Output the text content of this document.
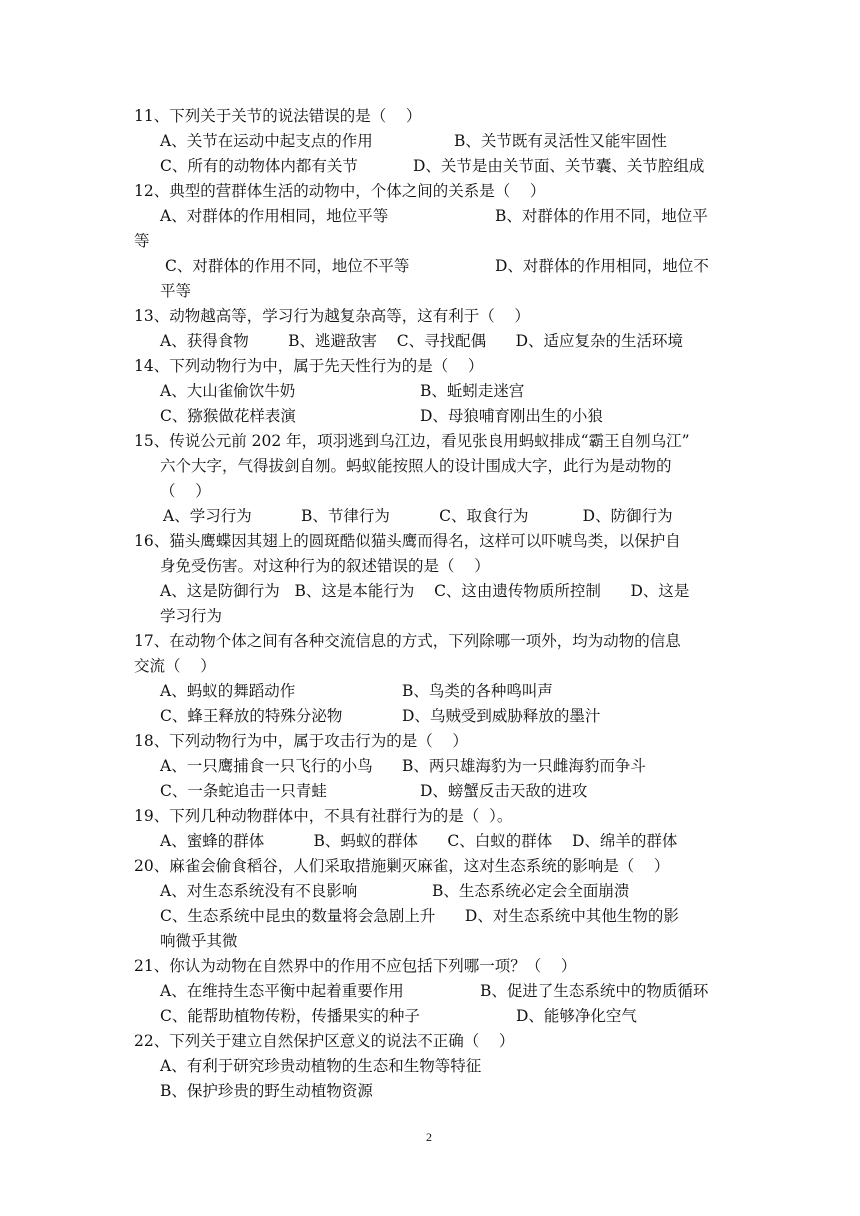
11、下列关于关节的说法错误的是（    ）
A、关节在运动中起支点的作用	B、关节既有灵活性又能牢固性
C、所有的动物体内都有关节	D、关节是由关节面、关节囊、关节腔组成
12、典型的营群体生活的动物中，个体之间的关系是（    ）
A、对群体的作用相同，地位平等	B、对群体的作用不同，地位平
等
C、对群体的作用不同，地位不平等	D、对群体的作用相同，地位不
平等
13、动物越高等，学习行为越复杂高等，这有利于（    ）
A、获得食物        B、逃避敌害    C、寻找配偶      D、适应复杂的生活环境
14、下列动物行为中，属于先天性行为的是（    ）
A、大山雀偷饮牛奶	B、蚯蚓走迷宫
C、猕猴做花样表演	D、母狼哺育刚出生的小狼
15、传说公元前 202 年，项羽逃到乌江边，看见张良用蚂蚁排成“霸王自刎乌江”
六个大字，气得拔剑自刎。蚂蚁能按照人的设计围成大字，此行为是动物的
（    ）
A、学习行为          B、节律行为          C、取食行为           D、防御行为
16、猫头鹰蝶因其翅上的圆斑酷似猫头鹰而得名，这样可以吓唬鸟类，以保护自
身免受伤害。对这种行为的叙述错误的是（    ）
A、这是防御行为   B、这是本能行为    C、这由遗传物质所控制      D、这是
学习行为
17、在动物个体之间有各种交流信息的方式，下列除哪一项外，均为动物的信息
交流（    ）
A、蚂蚁的舞蹈动作	B、鸟类的各种鸣叫声
C、蜂王释放的特殊分泌物	D、乌贼受到威胁释放的墨汁
18、下列动物行为中，属于攻击行为的是（    ）
A、一只鹰捕食一只飞行的小鸟 B、两只雄海豹为一只雌海豹而争斗
C、一条蛇追击一只青蛙	D、螃蟹反击天敌的进攻
19、下列几种动物群体中，不具有社群行为的是（  ）。
A、蜜蜂的群体          B、蚂蚁的群体      C、白蚁的群体    D、绵羊的群体
20、麻雀会偷食稻谷，人们采取措施剿灭麻雀，这对生态系统的影响是（    ）
A、对生态系统没有不良影响	B、生态系统必定会全面崩溃
C、生态系统中昆虫的数量将会急剧上升      D、对生态系统中其他生物的影
响微乎其微
21、你认为动物在自然界中的作用不应包括下列哪一项？（    ）
A、在维持生态平衡中起着重要作用	B、促进了生态系统中的物质循环
C、能帮助植物传粉，传播果实的种子	D、能够净化空气
22、下列关于建立自然保护区意义的说法不正确（    ）
A、有利于研究珍贵动植物的生态和生物等特征
B、保护珍贵的野生动植物资源
2
